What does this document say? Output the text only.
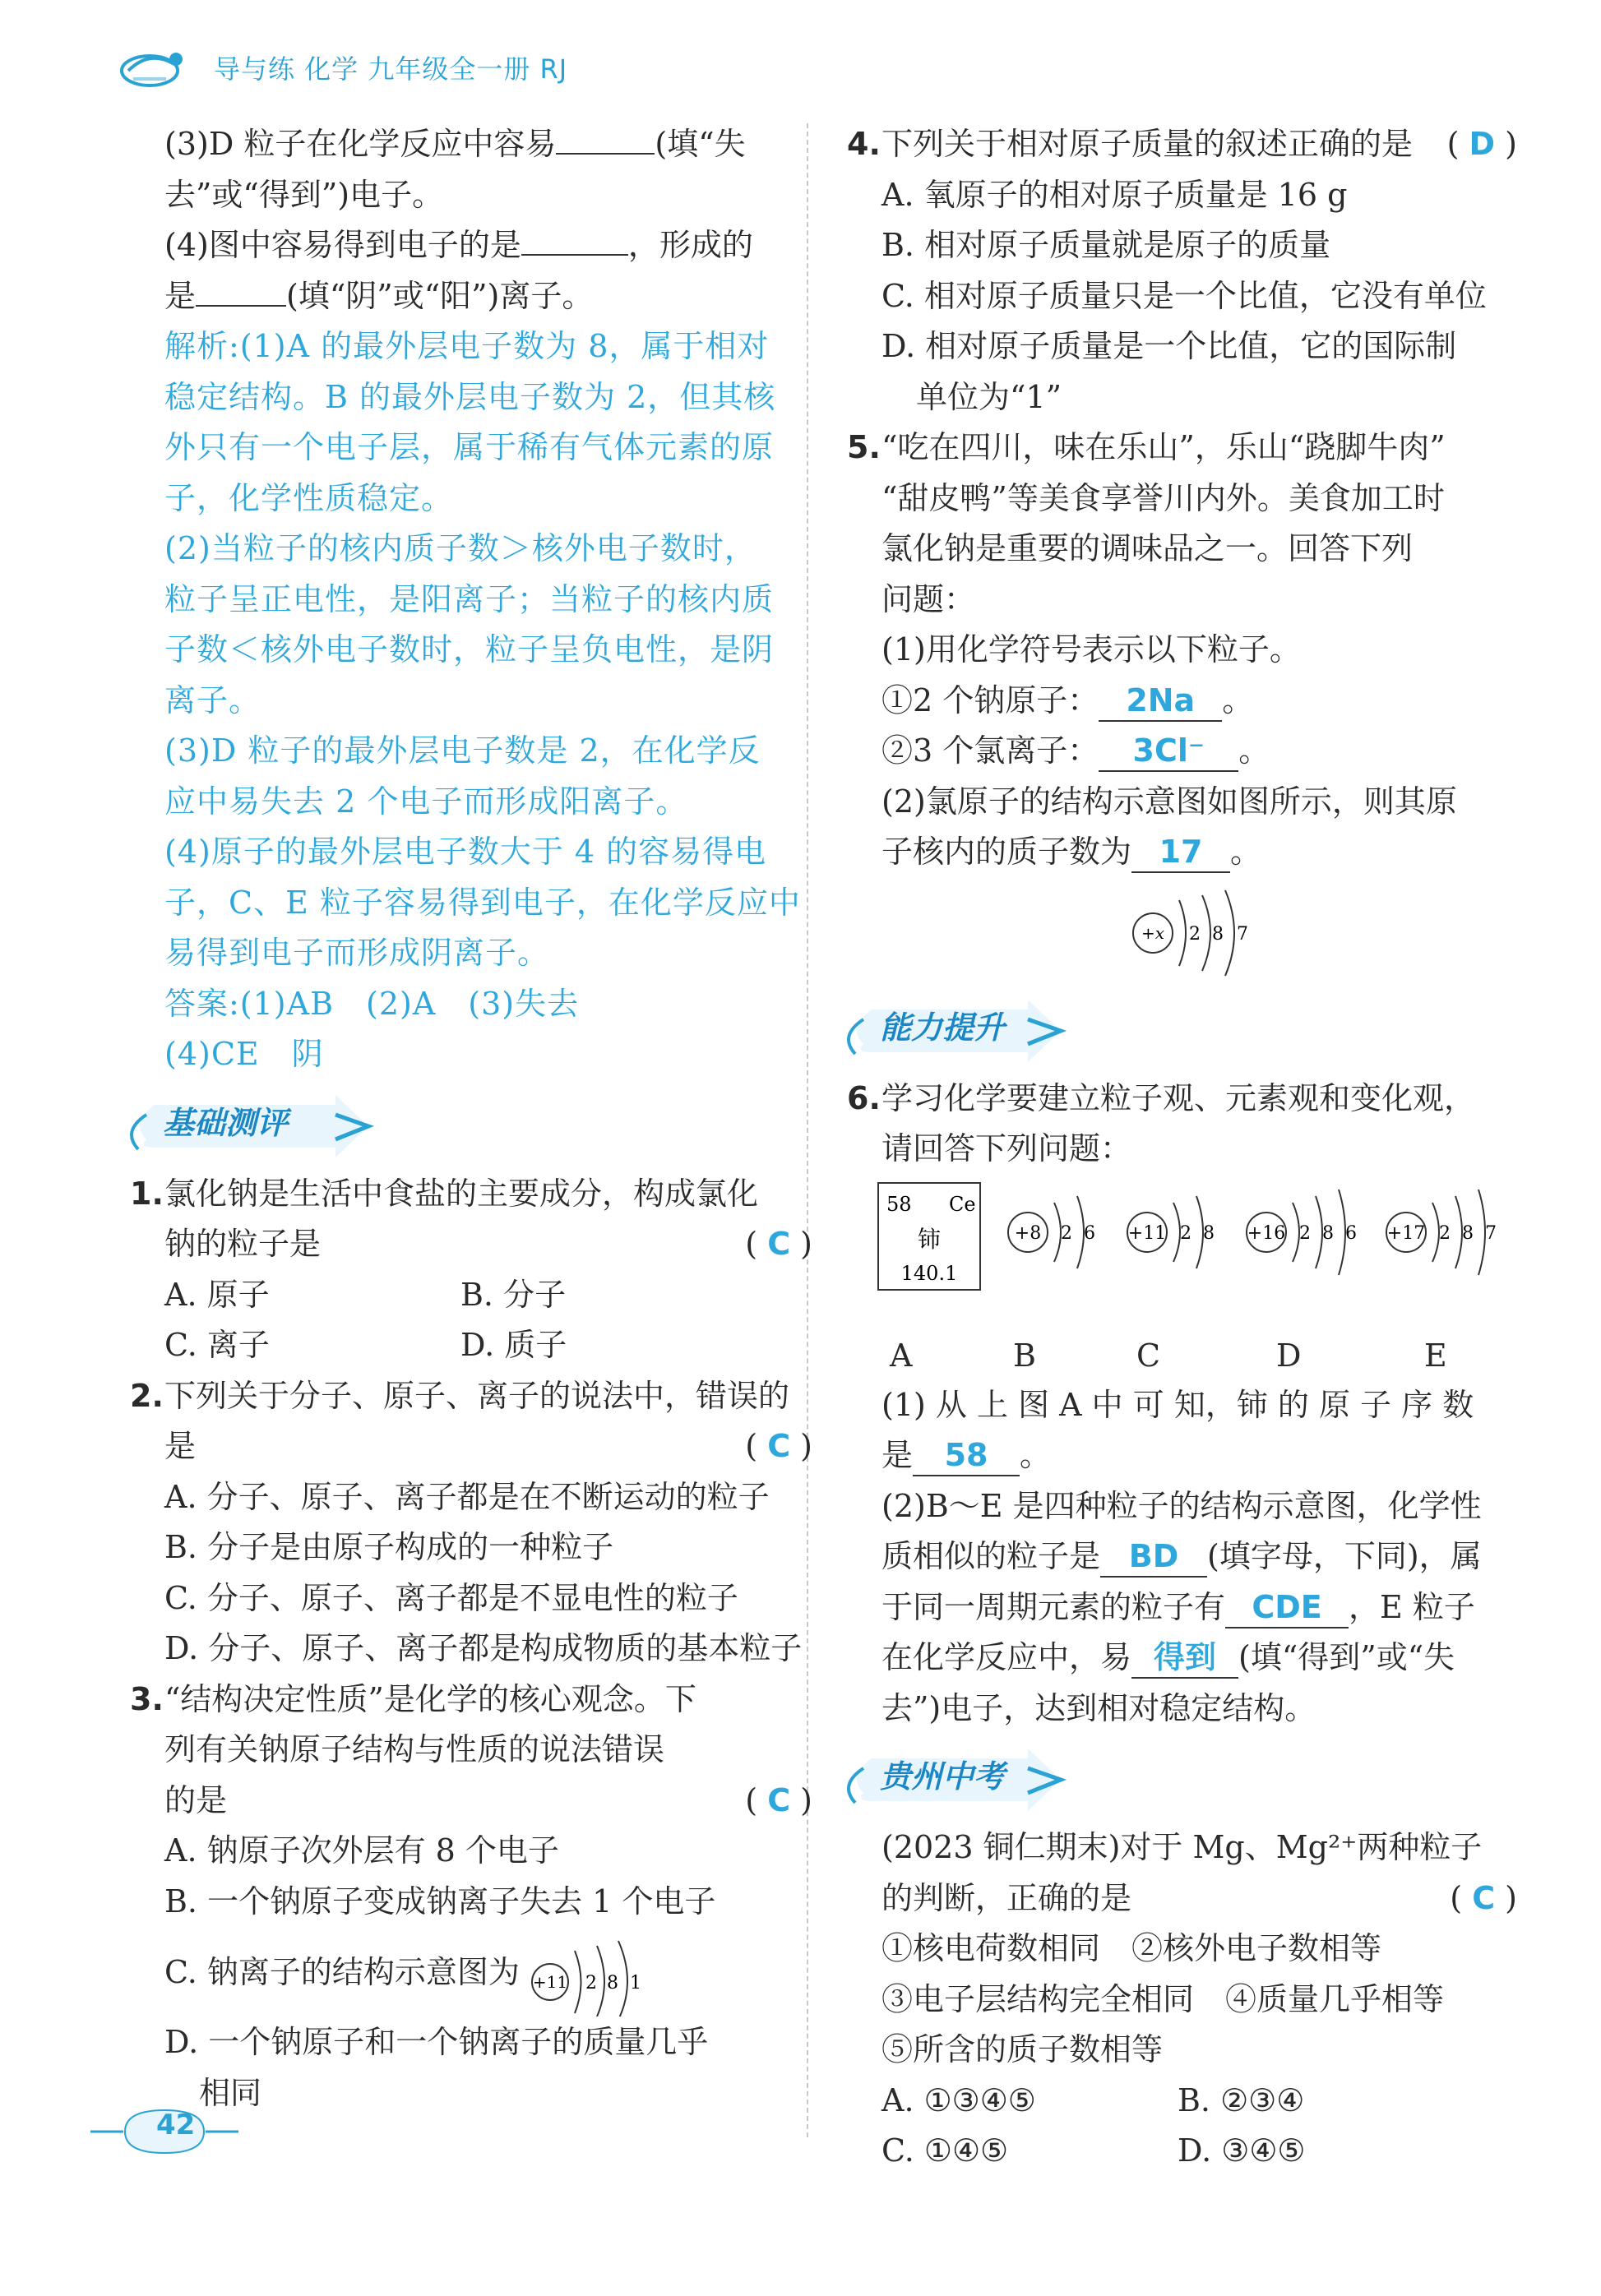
导与练 化学 九年级全一册 RJ
(3)D 粒子在化学反应中容易	(填“失
去”或“得到”)电子。
(4)图中容易得到电子的是	，形成的
是	(填“阴”或“阳”)离子。
解析:(1)A 的最外层电子数为 8，属于相对
稳定结构。B 的最外层电子数为 2，但其核
外只有一个电子层，属于稀有气体元素的原
子，化学性质稳定。
(2)当粒子的核内质子数＞核外电子数时，
粒子呈正电性，是阳离子；当粒子的核内质
子数＜核外电子数时，粒子呈负电性，是阴
离子。
(3)D 粒子的最外层电子数是 2，在化学反
应中易失去 2 个电子而形成阳离子。
(4)原子的最外层电子数大于 4 的容易得电
子，C、E 粒子容易得到电子，在化学反应中
易得到电子而形成阴离子。
答案:(1)AB　(2)A　(3)失去
(4)CE　阴
基础测评
1.氯化钠是生活中食盐的主要成分，构成氯化
钠的粒子是	( C )
A. 原子	B. 分子
C. 离子	D. 质子
2.下列关于分子、原子、离子的说法中，错误的
是	( C )
A. 分子、原子、离子都是在不断运动的粒子
B. 分子是由原子构成的一种粒子
C. 分子、原子、离子都是不显电性的粒子
D. 分子、原子、离子都是构成物质的基本粒子
3.“结构决定性质”是化学的核心观念。下
列有关钠原子结构与性质的说法错误
的是	( C )
A. 钠原子次外层有 8 个电子
B. 一个钠原子变成钠离子失去 1 个电子
C. 钠离子的结构示意图为 +11 2 8 1
D. 一个钠原子和一个钠离子的质量几乎
相同
4.下列关于相对原子质量的叙述正确的是 ( D )
A. 氧原子的相对原子质量是 16 g
B. 相对原子质量就是原子的质量
C. 相对原子质量只是一个比值，它没有单位
D. 相对原子质量是一个比值，它的国际制
单位为“1”
5.“吃在四川，味在乐山”，乐山“跷脚牛肉”
“甜皮鸭”等美食享誉川内外。美食加工时
氯化钠是重要的调味品之一。回答下列
问题：
(1)用化学符号表示以下粒子。
①2 个钠原子： 2Na 。
②3 个氯离子： 3Cl⁻ 。
(2)氯原子的结构示意图如图所示，则其原
子核内的质子数为 17 。
+x 2 8 7
能力提升
6.学习化学要建立粒子观、元素观和变化观，
请回答下列问题：
58 Ce
铈
140.1
+8 2 6 +11 2 8 +16 2 8 6 +17 2 8 7
A	B	C	D	E
(1) 从 上 图 A 中 可 知，铈 的 原 子 序 数
是 58 。
(2)B～E 是四种粒子的结构示意图，化学性
质相似的粒子是 BD (填字母，下同)，属
于同一周期元素的粒子有 CDE ，E 粒子
在化学反应中，易 得到 (填“得到”或“失
去”)电子，达到相对稳定结构。
贵州中考
(2023 铜仁期末)对于 Mg、Mg²⁺两种粒子
的判断，正确的是	( C )
①核电荷数相同　②核外电子数相等
③电子层结构完全相同　④质量几乎相等
⑤所含的质子数相等
A. ①③④⑤	B. ②③④
C. ①④⑤	D. ③④⑤
42
